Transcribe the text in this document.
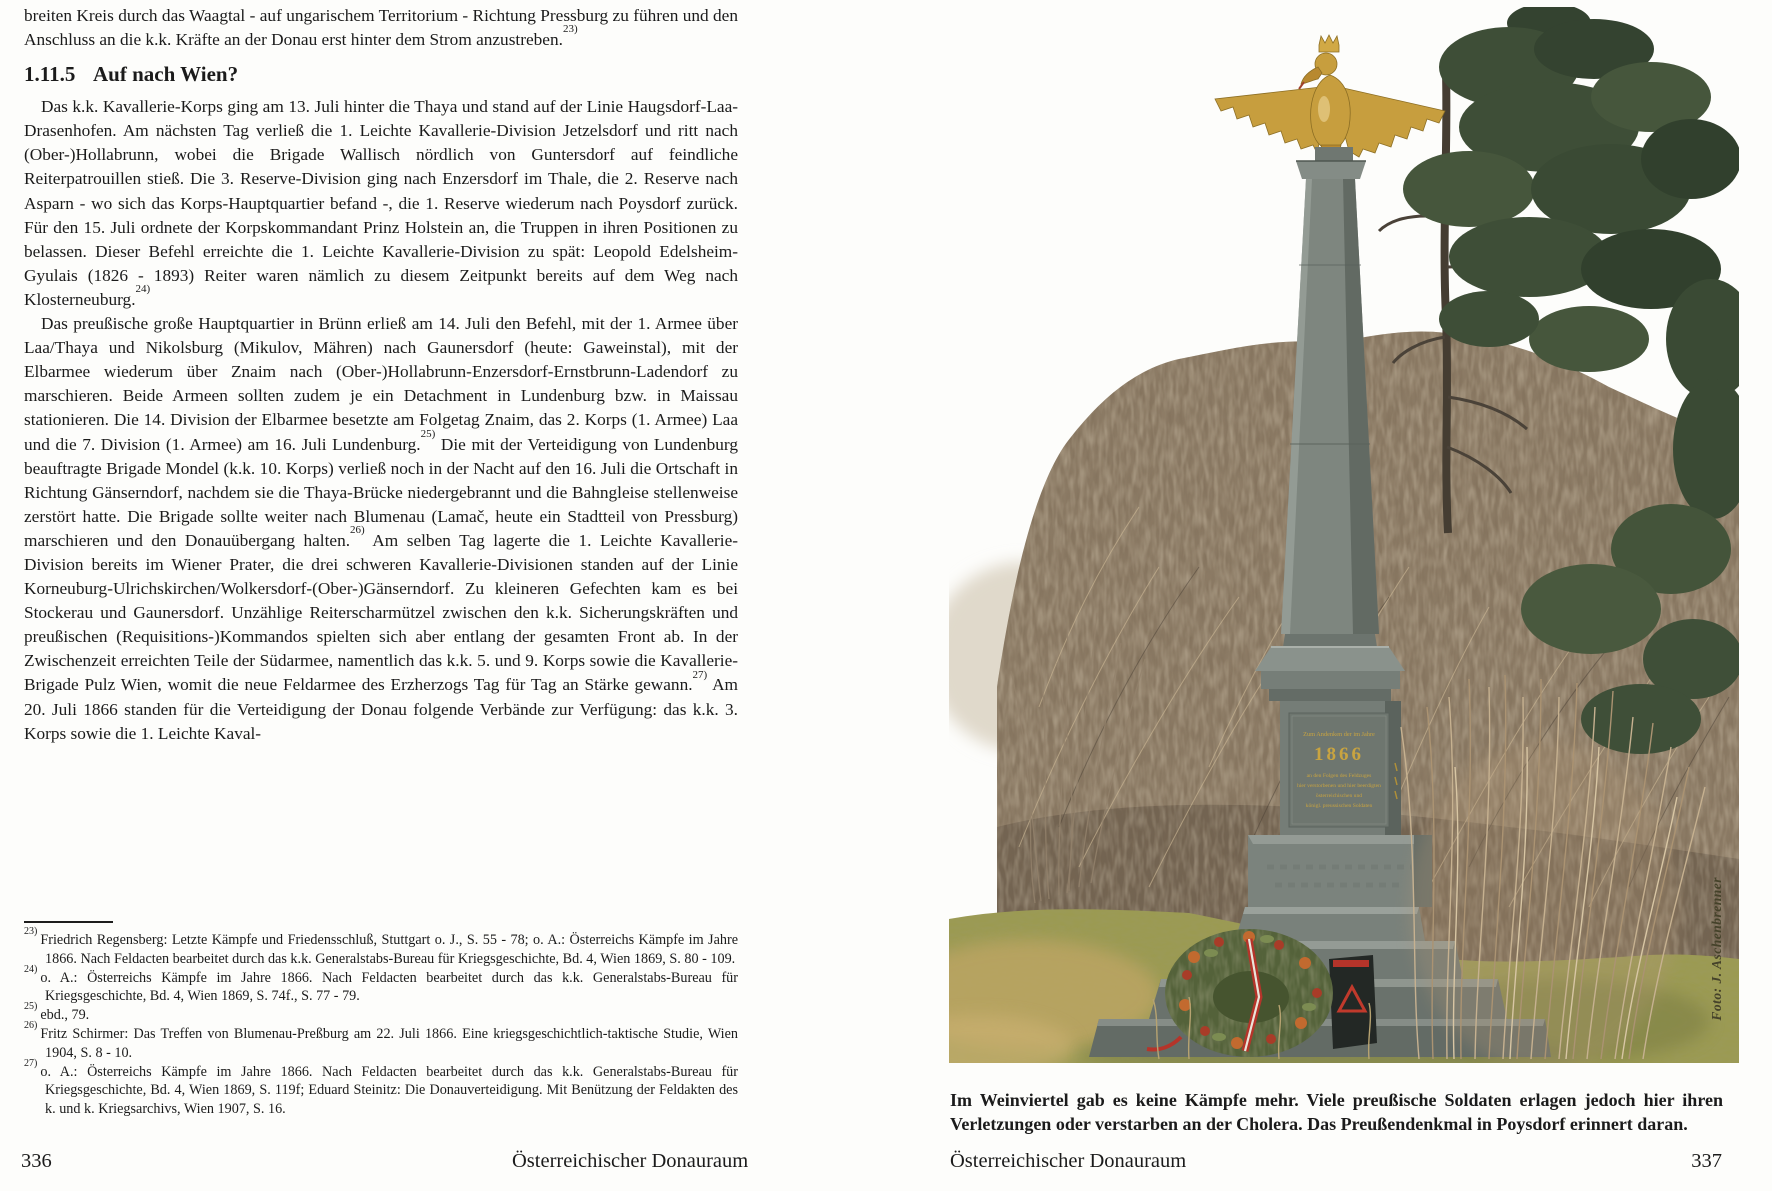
breiten Kreis durch das Waagtal - auf ungarischem Territorium - Richtung Pressburg zu führen und den Anschluss an die k.k. Kräfte an der Donau erst hinter dem Strom anzustreben.$^{23)}$

1.11.5 Auf nach Wien?

Das k.k. Kavallerie-Korps ging am 13. Juli hinter die Thaya und stand auf der Linie Haugsdorf-Laa-Drasenhofen. Am nächsten Tag verließ die 1. Leichte Kavallerie-Division Jetzelsdorf und ritt nach (Ober-)Hollabrunn, wobei die Brigade Wallisch nördlich von Guntersdorf auf feindliche Reiterpatrouillen stieß. Die 3. Reserve-Division ging nach Enzersdorf im Thale, die 2. Reserve nach Asparn - wo sich das Korps-Hauptquartier befand -, die 1. Reserve wiederum nach Poysdorf zurück. Für den 15. Juli ordnete der Korpskommandant Prinz Holstein an, die Truppen in ihren Positionen zu belassen. Dieser Befehl erreichte die 1. Leichte Kavallerie-Division zu spät: Leopold Edelsheim-Gyulais (1826 - 1893) Reiter waren nämlich zu diesem Zeitpunkt bereits auf dem Weg nach Klosterneuburg.$^{24)}$

Das preußische große Hauptquartier in Brünn erließ am 14. Juli den Befehl, mit der 1. Armee über Laa/Thaya und Nikolsburg (Mikulov, Mähren) nach Gaunersdorf (heute: Gaweinstal), mit der Elbarmee wiederum über Znaim nach (Ober-)Hollabrunn-Enzersdorf-Ernstbrunn-Ladendorf zu marschieren. Beide Armeen sollten zudem je ein Detachment in Lundenburg bzw. in Maissau stationieren. Die 14. Division der Elbarmee besetzte am Folgetag Znaim, das 2. Korps (1. Armee) Laa und die 7. Division (1. Armee) am 16. Juli Lundenburg.$^{25)}$ Die mit der Verteidigung von Lundenburg beauftragte Brigade Mondel (k.k. 10. Korps) verließ noch in der Nacht auf den 16. Juli die Ortschaft in Richtung Gänserndorf, nachdem sie die Thaya-Brücke niedergebrannt und die Bahngleise stellenweise zerstört hatte. Die Brigade sollte weiter nach Blumenau (Lamač, heute ein Stadtteil von Pressburg) marschieren und den Donauübergang halten.$^{26)}$ Am selben Tag lagerte die 1. Leichte Kavallerie-Division bereits im Wiener Prater, die drei schweren Kavallerie-Divisionen standen auf der Linie Korneuburg-Ulrichskirchen/Wolkersdorf-(Ober-)Gänserndorf. Zu kleineren Gefechten kam es bei Stockerau und Gaunersdorf. Unzählige Reiterscharmützel zwischen den k.k. Sicherungskräften und preußischen (Requisitions-)Kommandos spielten sich aber entlang der gesamten Front ab. In der Zwischenzeit erreichten Teile der Südarmee, namentlich das k.k. 5. und 9. Korps sowie die Kavallerie-Brigade Pulz Wien, womit die neue Feldarmee des Erzherzogs Tag für Tag an Stärke gewann.$^{27)}$ Am 20. Juli 1866 standen für die Verteidigung der Donau folgende Verbände zur Verfügung: das k.k. 3. Korps sowie die 1. Leichte Kaval-

$^{23)}$Friedrich Regensberg: Letzte Kämpfe und Friedensschluß, Stuttgart o. J., S. 55 - 78; o. A.: Österreichs Kämpfe im Jahre 1866. Nach Feldacten bearbeitet durch das k.k. Generalstabs-Bureau für Kriegsgeschichte, Bd. 4, Wien 1869, S. 80 - 109.

$^{24)}$o. A.: Österreichs Kämpfe im Jahre 1866. Nach Feldacten bearbeitet durch das k.k. Generalstabs-Bureau für Kriegsgeschichte, Bd. 4, Wien 1869, S. 74f., S. 77 - 79.

$^{25)}$ebd., 79.

$^{26)}$Fritz Schirmer: Das Treffen von Blumenau-Preßburg am 22. Juli 1866. Eine kriegsgeschichtlich-taktische Studie, Wien 1904, S. 8 - 10.

$^{27)}$o. A.: Österreichs Kämpfe im Jahre 1866. Nach Feldacten bearbeitet durch das k.k. Generalstabs-Bureau für Kriegsgeschichte, Bd. 4, Wien 1869, S. 119f; Eduard Steinitz: Die Donauverteidigung. Mit Benützung der Feldakten des k. und k. Kriegsarchivs, Wien 1907, S. 16.

336	Österreichischer Donauraum
Zum Andenken der im Jahre
1866
an den Folgen des Feldzuges
hier verstorbenen und hier beerdigten
österreichischen und
königl. preussischen Soldaten
Foto: J. Aschenbrenner
Im Weinviertel gab es keine Kämpfe mehr. Viele preußische Soldaten erlagen jedoch hier ihren Verletzungen oder verstarben an der Cholera. Das Preußendenkmal in Poysdorf erinnert daran.
Österreichischer Donauraum	337
